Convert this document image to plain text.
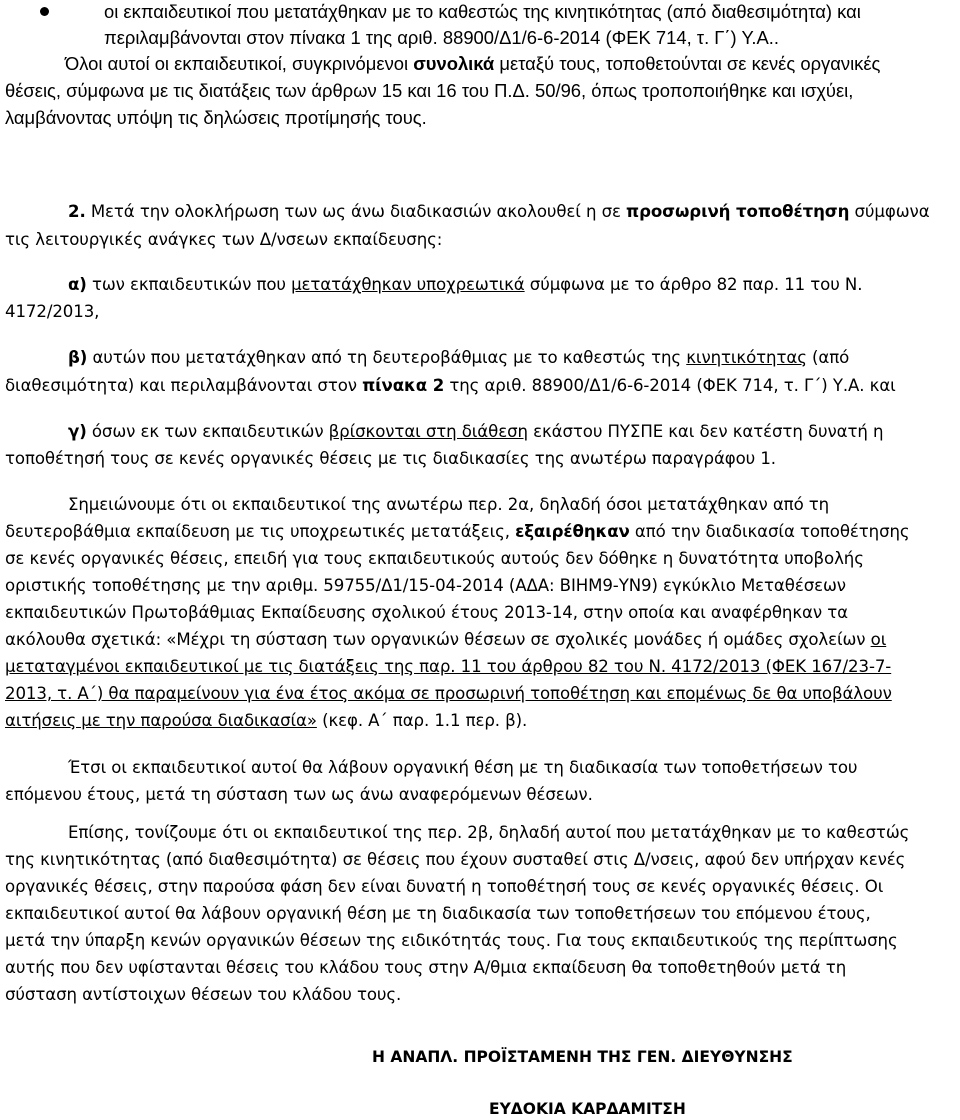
οι εκπαιδευτικοί που μετατάχθηκαν με το καθεστώς της κινητικότητας (από διαθεσιμότητα) και
περιλαμβάνονται στον πίνακα 1 της αριθ. 88900/Δ1/6-6-2014 (ΦΕΚ 714, τ. Γ΄) Υ.Α..
Όλοι αυτοί οι εκπαιδευτικοί, συγκρινόμενοι συνολικά μεταξύ τους, τοποθετούνται σε κενές οργανικές
θέσεις, σύμφωνα με τις διατάξεις των άρθρων 15 και 16 του Π.Δ. 50/96, όπως τροποποιήθηκε και ισχύει,
λαμβάνοντας υπόψη τις δηλώσεις προτίμησής τους.
2. Μετά την ολοκλήρωση των ως άνω διαδικασιών ακολουθεί η σε προσωρινή τοποθέτηση σύμφωνα
τις λειτουργικές ανάγκες των Δ/νσεων εκπαίδευσης:
α) των εκπαιδευτικών που μετατάχθηκαν υποχρεωτικά σύμφωνα με το άρθρο 82 παρ. 11 του Ν.
4172/2013,
β) αυτών που μετατάχθηκαν από τη δευτεροβάθμιας με το καθεστώς της κινητικότητας (από
διαθεσιμότητα) και περιλαμβάνονται στον πίνακα 2 της αριθ. 88900/Δ1/6-6-2014 (ΦΕΚ 714, τ. Γ΄) Υ.Α. και
γ) όσων εκ των εκπαιδευτικών βρίσκονται στη διάθεση εκάστου ΠΥΣΠΕ και δεν κατέστη δυνατή η
τοποθέτησή τους σε κενές οργανικές θέσεις με τις διαδικασίες της ανωτέρω παραγράφου 1.
Σημειώνουμε ότι οι εκπαιδευτικοί της ανωτέρω περ. 2α, δηλαδή όσοι μετατάχθηκαν από τη
δευτεροβάθμια εκπαίδευση με τις υποχρεωτικές μετατάξεις, εξαιρέθηκαν από την διαδικασία τοποθέτησης
σε κενές οργανικές θέσεις, επειδή για τους εκπαιδευτικούς αυτούς δεν δόθηκε η δυνατότητα υποβολής
οριστικής τοποθέτησης με την αριθμ. 59755/Δ1/15-04-2014 (ΑΔΑ: ΒΙΗΜ9-ΥΝ9) εγκύκλιο Μεταθέσεων
εκπαιδευτικών Πρωτοβάθμιας Εκπαίδευσης σχολικού έτους 2013-14, στην οποία και αναφέρθηκαν τα
ακόλουθα σχετικά: «Μέχρι τη σύσταση των οργανικών θέσεων σε σχολικές μονάδες ή ομάδες σχολείων οι
μεταταγμένοι εκπαιδευτικοί με τις διατάξεις της παρ. 11 του άρθρου 82 του Ν. 4172/2013 (ΦΕΚ 167/23-7-
2013, τ. Α΄) θα παραμείνουν για ένα έτος ακόμα σε προσωρινή τοποθέτηση και επομένως δε θα υποβάλουν
αιτήσεις με την παρούσα διαδικασία» (κεφ. Α΄ παρ. 1.1 περ. β).
Έτσι οι εκπαιδευτικοί αυτοί θα λάβουν οργανική θέση με τη διαδικασία των τοποθετήσεων του
επόμενου έτους, μετά τη σύσταση των ως άνω αναφερόμενων θέσεων.
Επίσης, τονίζουμε ότι οι εκπαιδευτικοί της περ. 2β, δηλαδή αυτοί που μετατάχθηκαν με το καθεστώς
της κινητικότητας (από διαθεσιμότητα) σε θέσεις που έχουν συσταθεί στις Δ/νσεις, αφού δεν υπήρχαν κενές
οργανικές θέσεις, στην παρούσα φάση δεν είναι δυνατή η τοποθέτησή τους σε κενές οργανικές θέσεις. Οι
εκπαιδευτικοί αυτοί θα λάβουν οργανική θέση με τη διαδικασία των τοποθετήσεων του επόμενου έτους,
μετά την ύπαρξη κενών οργανικών θέσεων της ειδικότητάς τους. Για τους εκπαιδευτικούς της περίπτωσης
αυτής που δεν υφίστανται θέσεις του κλάδου τους στην Α/θμια εκπαίδευση θα τοποθετηθούν μετά τη
σύσταση αντίστοιχων θέσεων του κλάδου τους.
Η ΑΝΑΠΛ. ΠΡΟΪΣΤΑΜΕΝΗ ΤΗΣ ΓΕΝ. ΔΙΕΥΘΥΝΣΗΣ
ΕΥΔΟΚΙΑ ΚΑΡΔΑΜΙΤΣΗ
